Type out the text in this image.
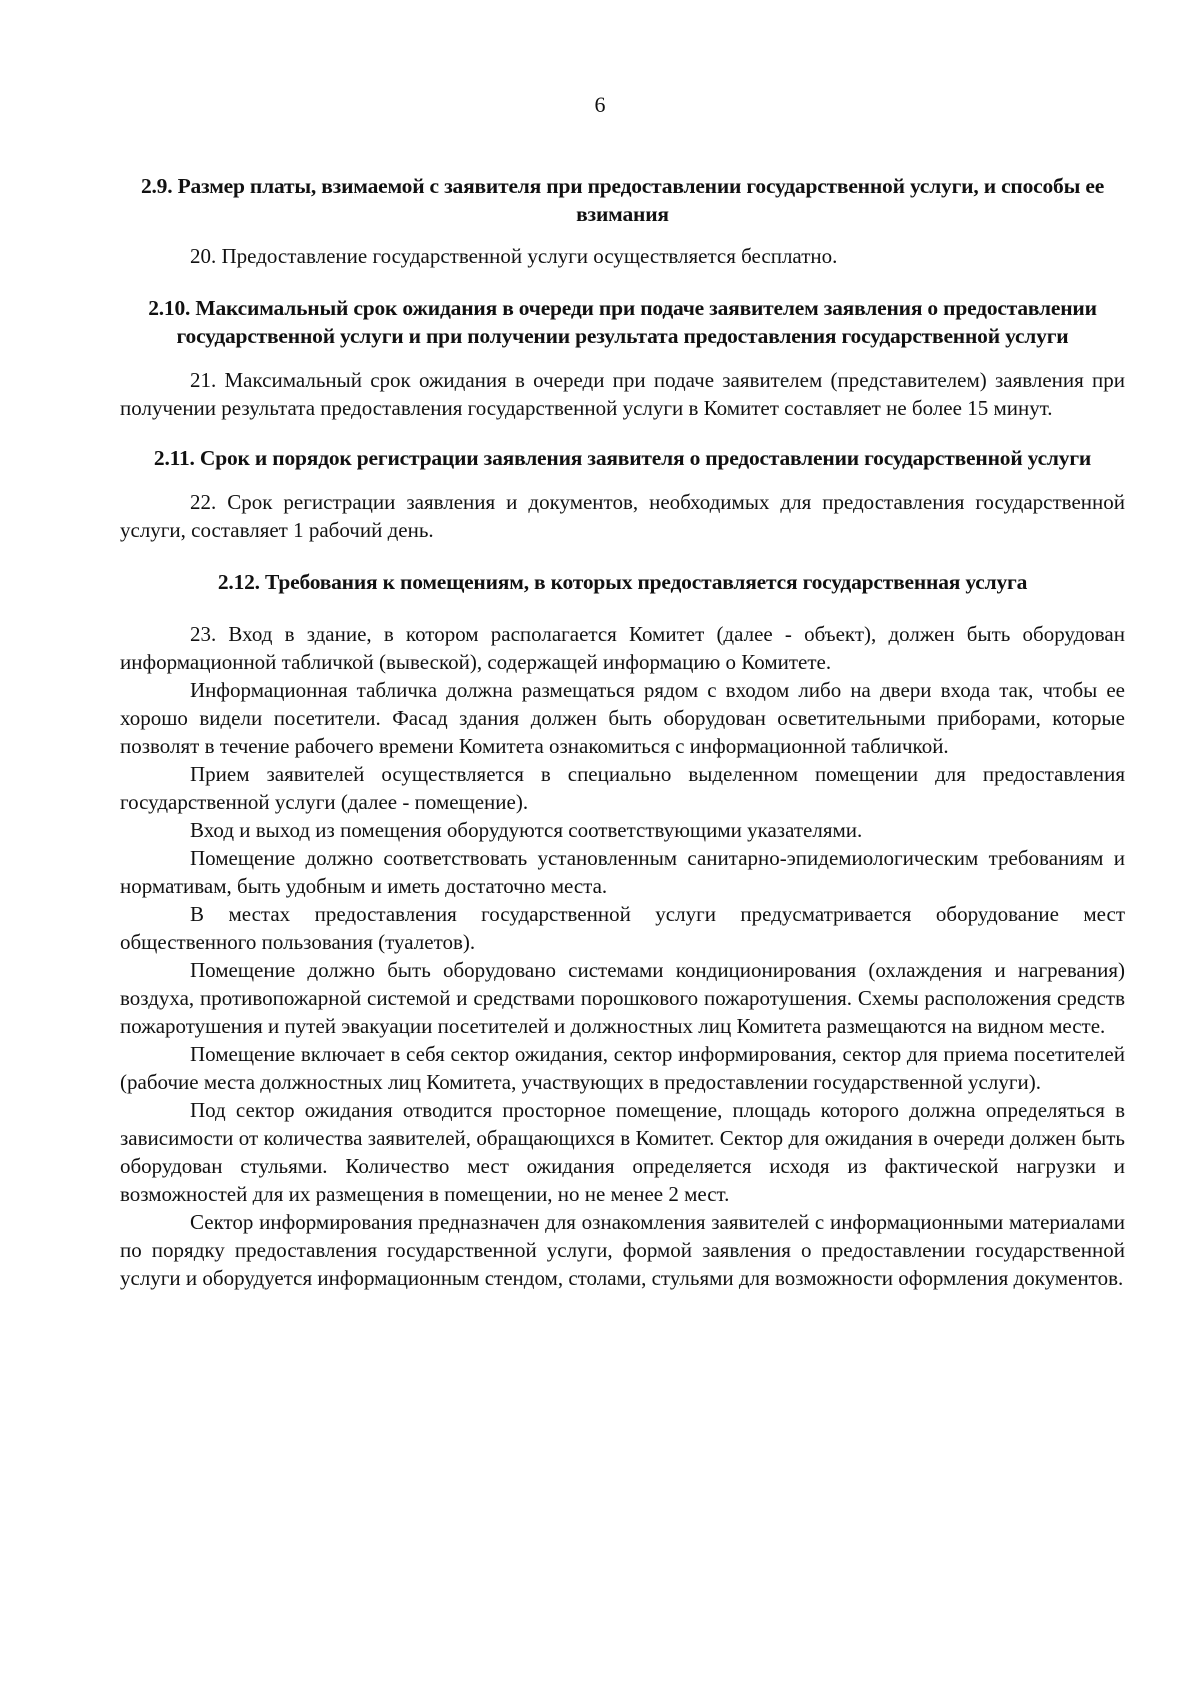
6
2.9. Размер платы, взимаемой с заявителя при предоставлении государственной услуги, и способы ее взимания

20. Предоставление государственной услуги осуществляется бесплатно.

2.10. Максимальный срок ожидания в очереди при подаче заявителем заявления о предоставлении государственной услуги и при получении результата предоставления государственной услуги

21. Максимальный срок ожидания в очереди при подаче заявителем (представителем) заявления при получении результата предоставления государственной услуги в Комитет составляет не более 15 минут.

2.11. Срок и порядок регистрации заявления заявителя о предоставлении государственной услуги

22. Срок регистрации заявления и документов, необходимых для предоставления государственной услуги, составляет 1 рабочий день.

2.12. Требования к помещениям, в которых предоставляется государственная услуга

23. Вход в здание, в котором располагается Комитет (далее - объект), должен быть оборудован информационной табличкой (вывеской), содержащей информацию о Комитете.

Информационная табличка должна размещаться рядом с входом либо на двери входа так, чтобы ее хорошо видели посетители. Фасад здания должен быть оборудован осветительными приборами, которые позволят в течение рабочего времени Комитета ознакомиться с информационной табличкой.

Прием заявителей осуществляется в специально выделенном помещении для предоставления государственной услуги (далее - помещение).

Вход и выход из помещения оборудуются соответствующими указателями.

Помещение должно соответствовать установленным санитарно-эпидемиологическим требованиям и нормативам, быть удобным и иметь достаточно места.

В местах предоставления государственной услуги предусматривается оборудование мест общественного пользования (туалетов).

Помещение должно быть оборудовано системами кондиционирования (охлаждения и нагревания) воздуха, противопожарной системой и средствами порошкового пожаротушения. Схемы расположения средств пожаротушения и путей эвакуации посетителей и должностных лиц Комитета размещаются на видном месте.

Помещение включает в себя сектор ожидания, сектор информирования, сектор для приема посетителей (рабочие места должностных лиц Комитета, участвующих в предоставлении государственной услуги).

Под сектор ожидания отводится просторное помещение, площадь которого должна определяться в зависимости от количества заявителей, обращающихся в Комитет. Сектор для ожидания в очереди должен быть оборудован стульями. Количество мест ожидания определяется исходя из фактической нагрузки и возможностей для их размещения в помещении, но не менее 2 мест.

Сектор информирования предназначен для ознакомления заявителей с информационными материалами по порядку предоставления государственной услуги, формой заявления о предоставлении государственной услуги и оборудуется информационным стендом, столами, стульями для возможности оформления документов.
